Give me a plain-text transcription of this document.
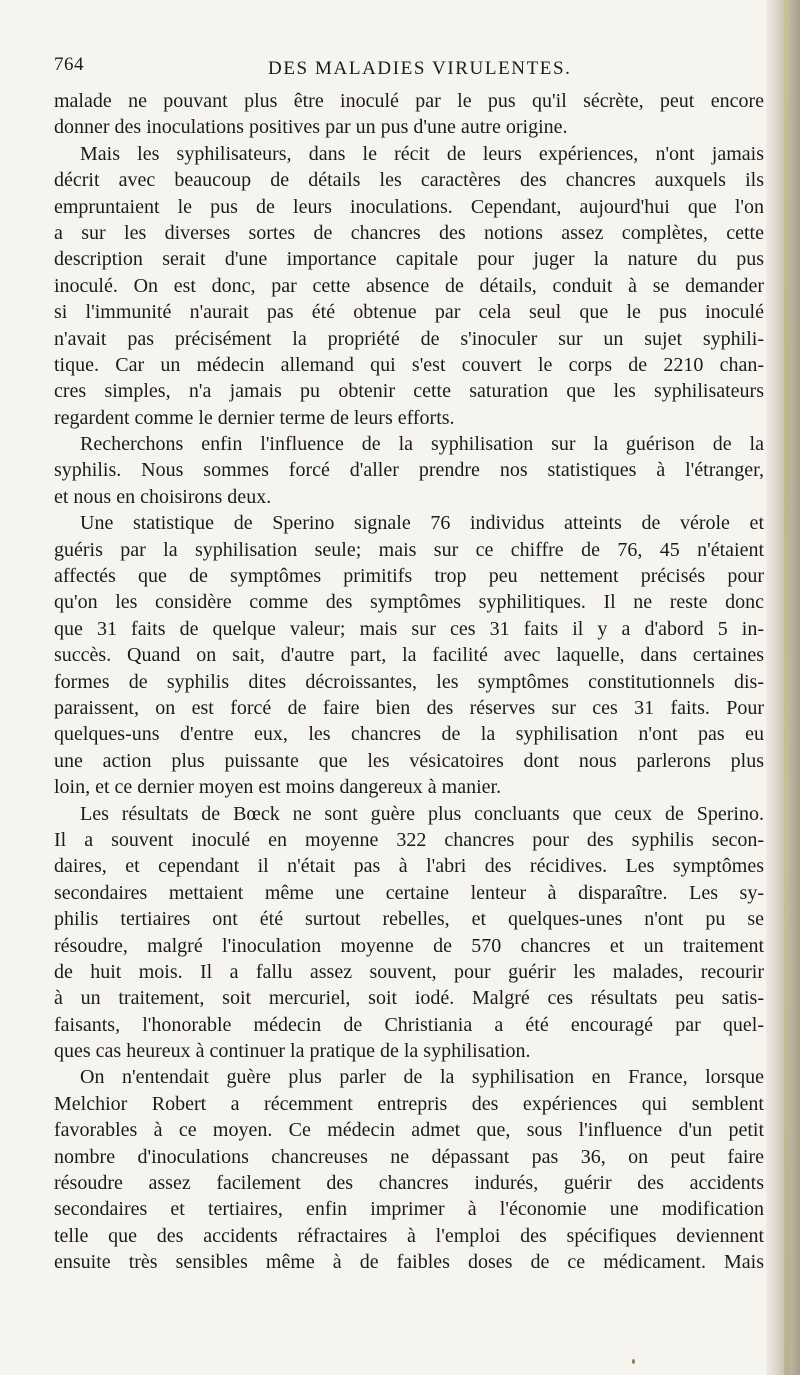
764	DES MALADIES VIRULENTES.
malade ne pouvant plus être inoculé par le pus qu'il sécrète, peut encore
donner des inoculations positives par un pus d'une autre origine.
Mais les syphilisateurs, dans le récit de leurs expériences, n'ont jamais
décrit avec beaucoup de détails les caractères des chancres auxquels ils
empruntaient le pus de leurs inoculations. Cependant, aujourd'hui que l'on
a sur les diverses sortes de chancres des notions assez complètes, cette
description serait d'une importance capitale pour juger la nature du pus
inoculé. On est donc, par cette absence de détails, conduit à se demander
si l'immunité n'aurait pas été obtenue par cela seul que le pus inoculé
n'avait pas précisément la propriété de s'inoculer sur un sujet syphili-
tique. Car un médecin allemand qui s'est couvert le corps de 2210 chan-
cres simples, n'a jamais pu obtenir cette saturation que les syphilisateurs
regardent comme le dernier terme de leurs efforts.
Recherchons enfin l'influence de la syphilisation sur la guérison de la
syphilis. Nous sommes forcé d'aller prendre nos statistiques à l'étranger,
et nous en choisirons deux.
Une statistique de Sperino signale 76 individus atteints de vérole et
guéris par la syphilisation seule; mais sur ce chiffre de 76, 45 n'étaient
affectés que de symptômes primitifs trop peu nettement précisés pour
qu'on les considère comme des symptômes syphilitiques. Il ne reste donc
que 31 faits de quelque valeur; mais sur ces 31 faits il y a d'abord 5 in-
succès. Quand on sait, d'autre part, la facilité avec laquelle, dans certaines
formes de syphilis dites décroissantes, les symptômes constitutionnels dis-
paraissent, on est forcé de faire bien des réserves sur ces 31 faits. Pour
quelques-uns d'entre eux, les chancres de la syphilisation n'ont pas eu
une action plus puissante que les vésicatoires dont nous parlerons plus
loin, et ce dernier moyen est moins dangereux à manier.
Les résultats de Bœck ne sont guère plus concluants que ceux de Sperino.
Il a souvent inoculé en moyenne 322 chancres pour des syphilis secon-
daires, et cependant il n'était pas à l'abri des récidives. Les symptômes
secondaires mettaient même une certaine lenteur à disparaître. Les sy-
philis tertiaires ont été surtout rebelles, et quelques-unes n'ont pu se
résoudre, malgré l'inoculation moyenne de 570 chancres et un traitement
de huit mois. Il a fallu assez souvent, pour guérir les malades, recourir
à un traitement, soit mercuriel, soit iodé. Malgré ces résultats peu satis-
faisants, l'honorable médecin de Christiania a été encouragé par quel-
ques cas heureux à continuer la pratique de la syphilisation.
On n'entendait guère plus parler de la syphilisation en France, lorsque
Melchior Robert a récemment entrepris des expériences qui semblent
favorables à ce moyen. Ce médecin admet que, sous l'influence d'un petit
nombre d'inoculations chancreuses ne dépassant pas 36, on peut faire
résoudre assez facilement des chancres indurés, guérir des accidents
secondaires et tertiaires, enfin imprimer à l'économie une modification
telle que des accidents réfractaires à l'emploi des spécifiques deviennent
ensuite très sensibles même à de faibles doses de ce médicament. Mais
